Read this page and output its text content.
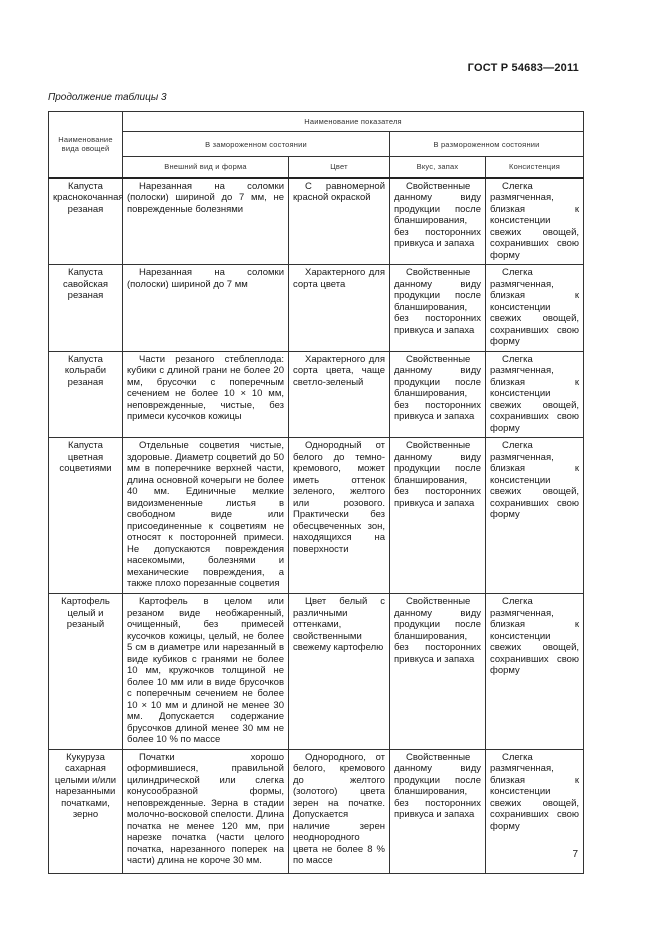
ГОСТ Р 54683—2011
Продолжение таблицы 3
Наименование вида овощей	Наименование показателя			
	В замороженном состоянии		В размороженном состоянии	
	Внешний вид и форма	Цвет	Вкус, запах	Консистенция
Капуста краснокочанная резаная	Нарезанная на соломки (полоски) шириной до 7 мм, не поврежденные болезнями	С равномерной красной окраской	Свойственные данному виду продукции после бланширования, без посторонних привкуса и запаха	Слегка размягченная, близкая к консистенции свежих овощей, сохранивших свою форму
Капуста савойская резаная	Нарезанная на соломки (полоски) шириной до 7 мм	Характерного для сорта цвета	Свойственные данному виду продукции после бланширования, без посторонних привкуса и запаха	Слегка размягченная, близкая к консистенции свежих овощей, сохранивших свою форму
Капуста кольраби резаная	Части резаного стеблеплода: кубики с длиной грани не более 20 мм, брусочки с поперечным сечением не более 10 × 10 мм, неповрежденные, чистые, без примеси кусочков кожицы	Характерного для сорта цвета, чаще светло-зеленый	Свойственные данному виду продукции после бланширования, без посторонних привкуса и запаха	Слегка размягченная, близкая к консистенции свежих овощей, сохранивших свою форму
Капуста цветная соцветиями	Отдельные соцветия чистые, здоровые. Диаметр соцветий до 50 мм в поперечнике верхней части, длина основной кочерыги не более 40 мм. Единичные мелкие видоизмененные листья в свободном виде или присоединенные к соцветиям не относят к посторонней примеси. Не допускаются повреждения насекомыми, болезнями и механические повреждения, а также плохо порезанные соцветия	Однородный от белого до темно-кремового, может иметь оттенок зеленого, желтого или розового. Практически без обесцвеченных зон, находящихся на поверхности	Свойственные данному виду продукции после бланширования, без посторонних привкуса и запаха	Слегка размягченная, близкая к консистенции свежих овощей, сохранивших свою форму
Картофель целый и резаный	Картофель в целом или резаном виде необжаренный, очищенный, без примесей кусочков кожицы, целый, не более 5 см в диаметре или нарезанный в виде кубиков с гранями не более 10 мм, кружочков толщиной не более 10 мм или в виде брусочков с поперечным сечением не более 10 × 10 мм и длиной не менее 30 мм. Допускается содержание брусочков длиной менее 30 мм не более 10 % по массе	Цвет белый с различными оттенками, свойственными свежему картофелю	Свойственные данному виду продукции после бланширования, без посторонних привкуса и запаха	Слегка размягченная, близкая к консистенции свежих овощей, сохранивших свою форму
Кукуруза сахарная целыми и/или нарезанными початками, зерно	Початки хорошо оформившиеся, правильной цилиндрической или слегка конусообразной формы, неповрежденные. Зерна в стадии молочно-восковой спелости. Длина початка не менее 120 мм, при нарезке початка (части целого початка, нарезанного поперек на части) длина не короче 30 мм.	Однородного, от белого, кремового до желтого (золотого) цвета зерен на початке. Допускается наличие зерен неоднородного цвета не более 8 % по массе	Свойственные данному виду продукции после бланширования, без посторонних привкуса и запаха	Слегка размягченная, близкая к консистенции свежих овощей, сохранивших свою форму
7
